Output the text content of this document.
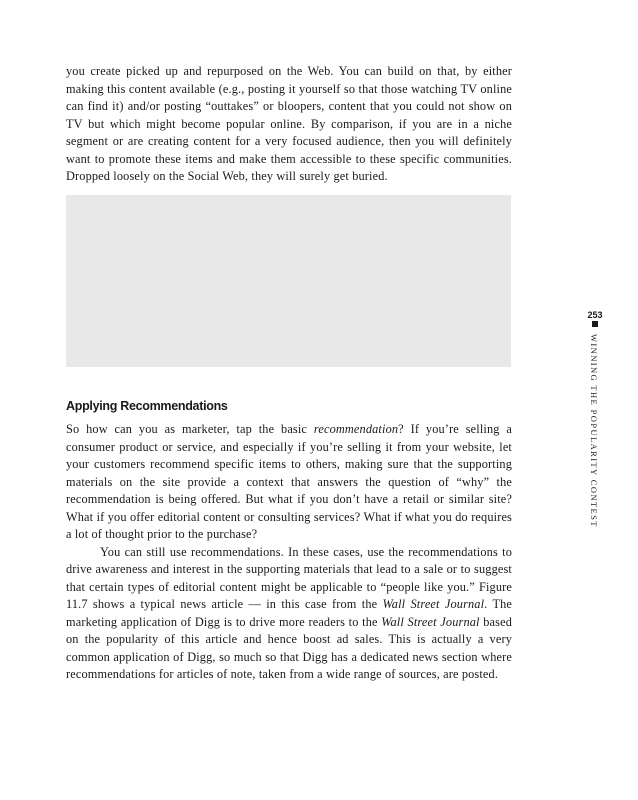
you create picked up and repurposed on the Web. You can build on that, by either making this content available (e.g., posting it yourself so that those watching TV online can find it) and/or posting “outtakes” or bloopers, content that you could not show on TV but which might become popular online. By comparison, if you are in a niche segment or are creating content for a very focused audience, then you will definitely want to promote these items and make them accessible to these specific communities. Dropped loosely on the Social Web, they will surely get buried.

Applying Recommendations

So how can you as marketer, tap the basic recommendation? If you’re selling a consumer product or service, and especially if you’re selling it from your website, let your customers recommend specific items to others, making sure that the supporting materials on the site provide a context that answers the question of “why” the recommendation is being offered. But what if you don’t have a retail or similar site? What if you offer editorial content or consulting services? What if what you do requires a lot of thought prior to the purchase?

You can still use recommendations. In these cases, use the recommendations to drive awareness and interest in the supporting materials that lead to a sale or to suggest that certain types of editorial content might be applicable to “people like you.” Figure 11.7 shows a typical news article — in this case from the Wall Street Journal. The marketing application of Digg is to drive more readers to the Wall Street Journal based on the popularity of this article and hence boost ad sales. This is actually a very common application of Digg, so much so that Digg has a dedicated news section where recommendations for articles of note, taken from a wide range of sources, are posted.

253
WINNING THE POPULARITY CONTEST
